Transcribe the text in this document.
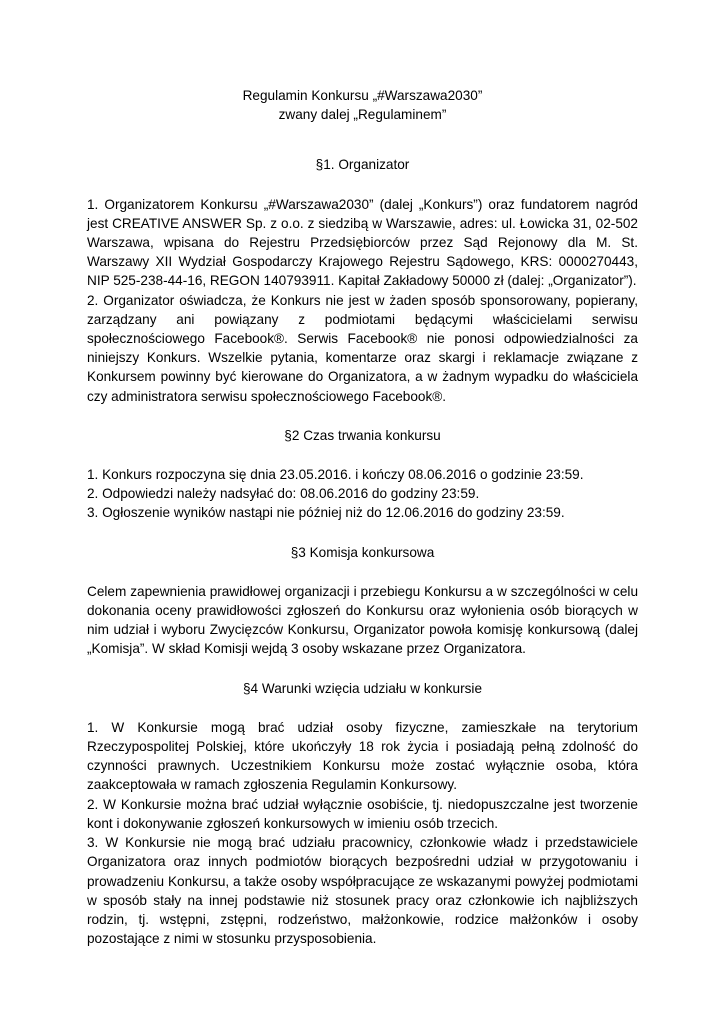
Regulamin Konkursu „#Warszawa2030”

zwany dalej „Regulaminem”

§1. Organizator

1. Organizatorem Konkursu „#Warszawa2030” (dalej „Konkurs”) oraz fundatorem nagród jest CREATIVE ANSWER Sp. z o.o. z siedzibą w Warszawie, adres: ul. Łowicka 31, 02-502 Warszawa, wpisana do Rejestru Przedsiębiorców przez Sąd Rejonowy dla M. St. Warszawy XII Wydział Gospodarczy Krajowego Rejestru Sądowego, KRS: 0000270443, NIP 525-238-44-16, REGON 140793911. Kapitał Zakładowy 50000 zł (dalej: „Organizator”).

2. Organizator oświadcza, że Konkurs nie jest w żaden sposób sponsorowany, popierany, zarządzany ani powiązany z podmiotami będącymi właścicielami serwisu społecznościowego Facebook®. Serwis Facebook® nie ponosi odpowiedzialności za niniejszy Konkurs. Wszelkie pytania, komentarze oraz skargi i reklamacje związane z Konkursem powinny być kierowane do Organizatora, a w żadnym wypadku do właściciela czy administratora serwisu społecznościowego Facebook®.

§2 Czas trwania konkursu

1. Konkurs rozpoczyna się dnia 23.05.2016. i kończy 08.06.2016 o godzinie 23:59.

2. Odpowiedzi należy nadsyłać do: 08.06.2016 do godziny 23:59.

3. Ogłoszenie wyników nastąpi nie później niż do 12.06.2016 do godziny 23:59.

§3 Komisja konkursowa

Celem zapewnienia prawidłowej organizacji i przebiegu Konkursu a w szczególności w celu dokonania oceny prawidłowości zgłoszeń do Konkursu oraz wyłonienia osób biorących w nim udział i wyboru Zwycięzców Konkursu, Organizator powoła komisję konkursową (dalej „Komisja”. W skład Komisji wejdą 3 osoby wskazane przez Organizatora.

§4 Warunki wzięcia udziału w konkursie

1. W Konkursie mogą brać udział osoby fizyczne, zamieszkałe na terytorium Rzeczypospolitej Polskiej, które ukończyły 18 rok życia i posiadają pełną zdolność do czynności prawnych. Uczestnikiem Konkursu może zostać wyłącznie osoba, która zaakceptowała w ramach zgłoszenia Regulamin Konkursowy.

2. W Konkursie można brać udział wyłącznie osobiście, tj. niedopuszczalne jest tworzenie kont i dokonywanie zgłoszeń konkursowych w imieniu osób trzecich.

3. W Konkursie nie mogą brać udziału pracownicy, członkowie władz i przedstawiciele Organizatora oraz innych podmiotów biorących bezpośredni udział w przygotowaniu i prowadzeniu Konkursu, a także osoby współpracujące ze wskazanymi powyżej podmiotami w sposób stały na innej podstawie niż stosunek pracy oraz członkowie ich najbliższych rodzin, tj. wstępni, zstępni, rodzeństwo, małżonkowie, rodzice małżonków i osoby pozostające z nimi w stosunku przysposobienia.
